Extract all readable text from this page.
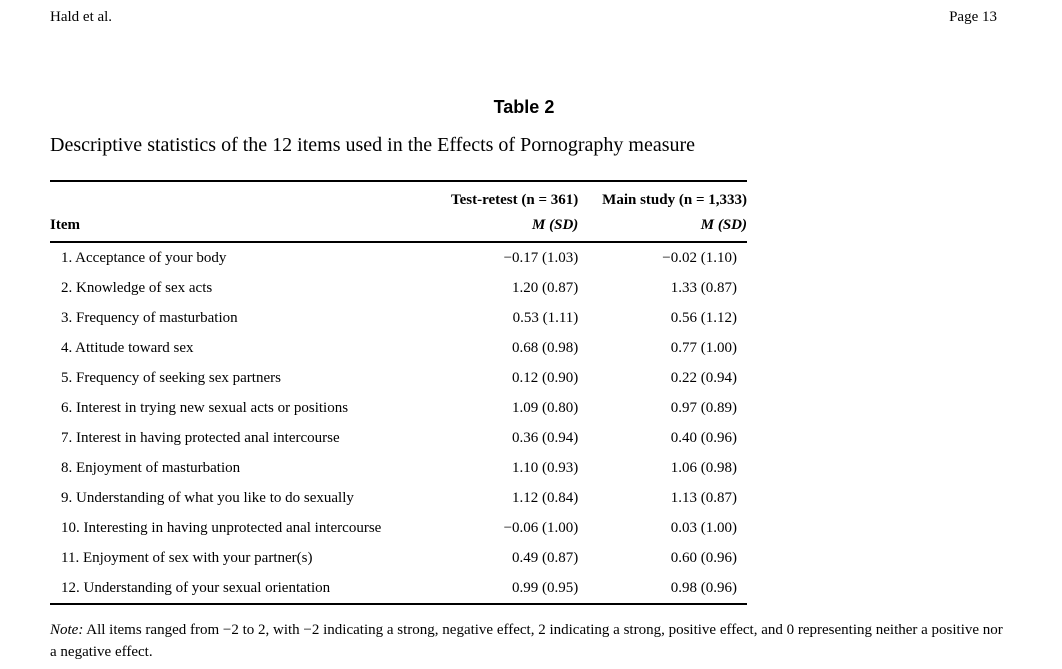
Hald et al.	Page 13
Table 2
Descriptive statistics of the 12 items used in the Effects of Pornography measure
	Test-retest (n = 361)	Main study (n = 1,333)
Item	M (SD)	M (SD)
1. Acceptance of your body	−0.17 (1.03)	−0.02 (1.10)
2. Knowledge of sex acts	1.20 (0.87)	1.33 (0.87)
3. Frequency of masturbation	0.53 (1.11)	0.56 (1.12)
4. Attitude toward sex	0.68 (0.98)	0.77 (1.00)
5. Frequency of seeking sex partners	0.12 (0.90)	0.22 (0.94)
6. Interest in trying new sexual acts or positions	1.09 (0.80)	0.97 (0.89)
7. Interest in having protected anal intercourse	0.36 (0.94)	0.40 (0.96)
8. Enjoyment of masturbation	1.10 (0.93)	1.06 (0.98)
9. Understanding of what you like to do sexually	1.12 (0.84)	1.13 (0.87)
10. Interesting in having unprotected anal intercourse	−0.06 (1.00)	0.03 (1.00)
11. Enjoyment of sex with your partner(s)	0.49 (0.87)	0.60 (0.96)
12. Understanding of your sexual orientation	0.99 (0.95)	0.98 (0.96)
Note: All items ranged from −2 to 2, with −2 indicating a strong, negative effect, 2 indicating a strong, positive effect, and 0 representing neither a positive nor a negative effect.
